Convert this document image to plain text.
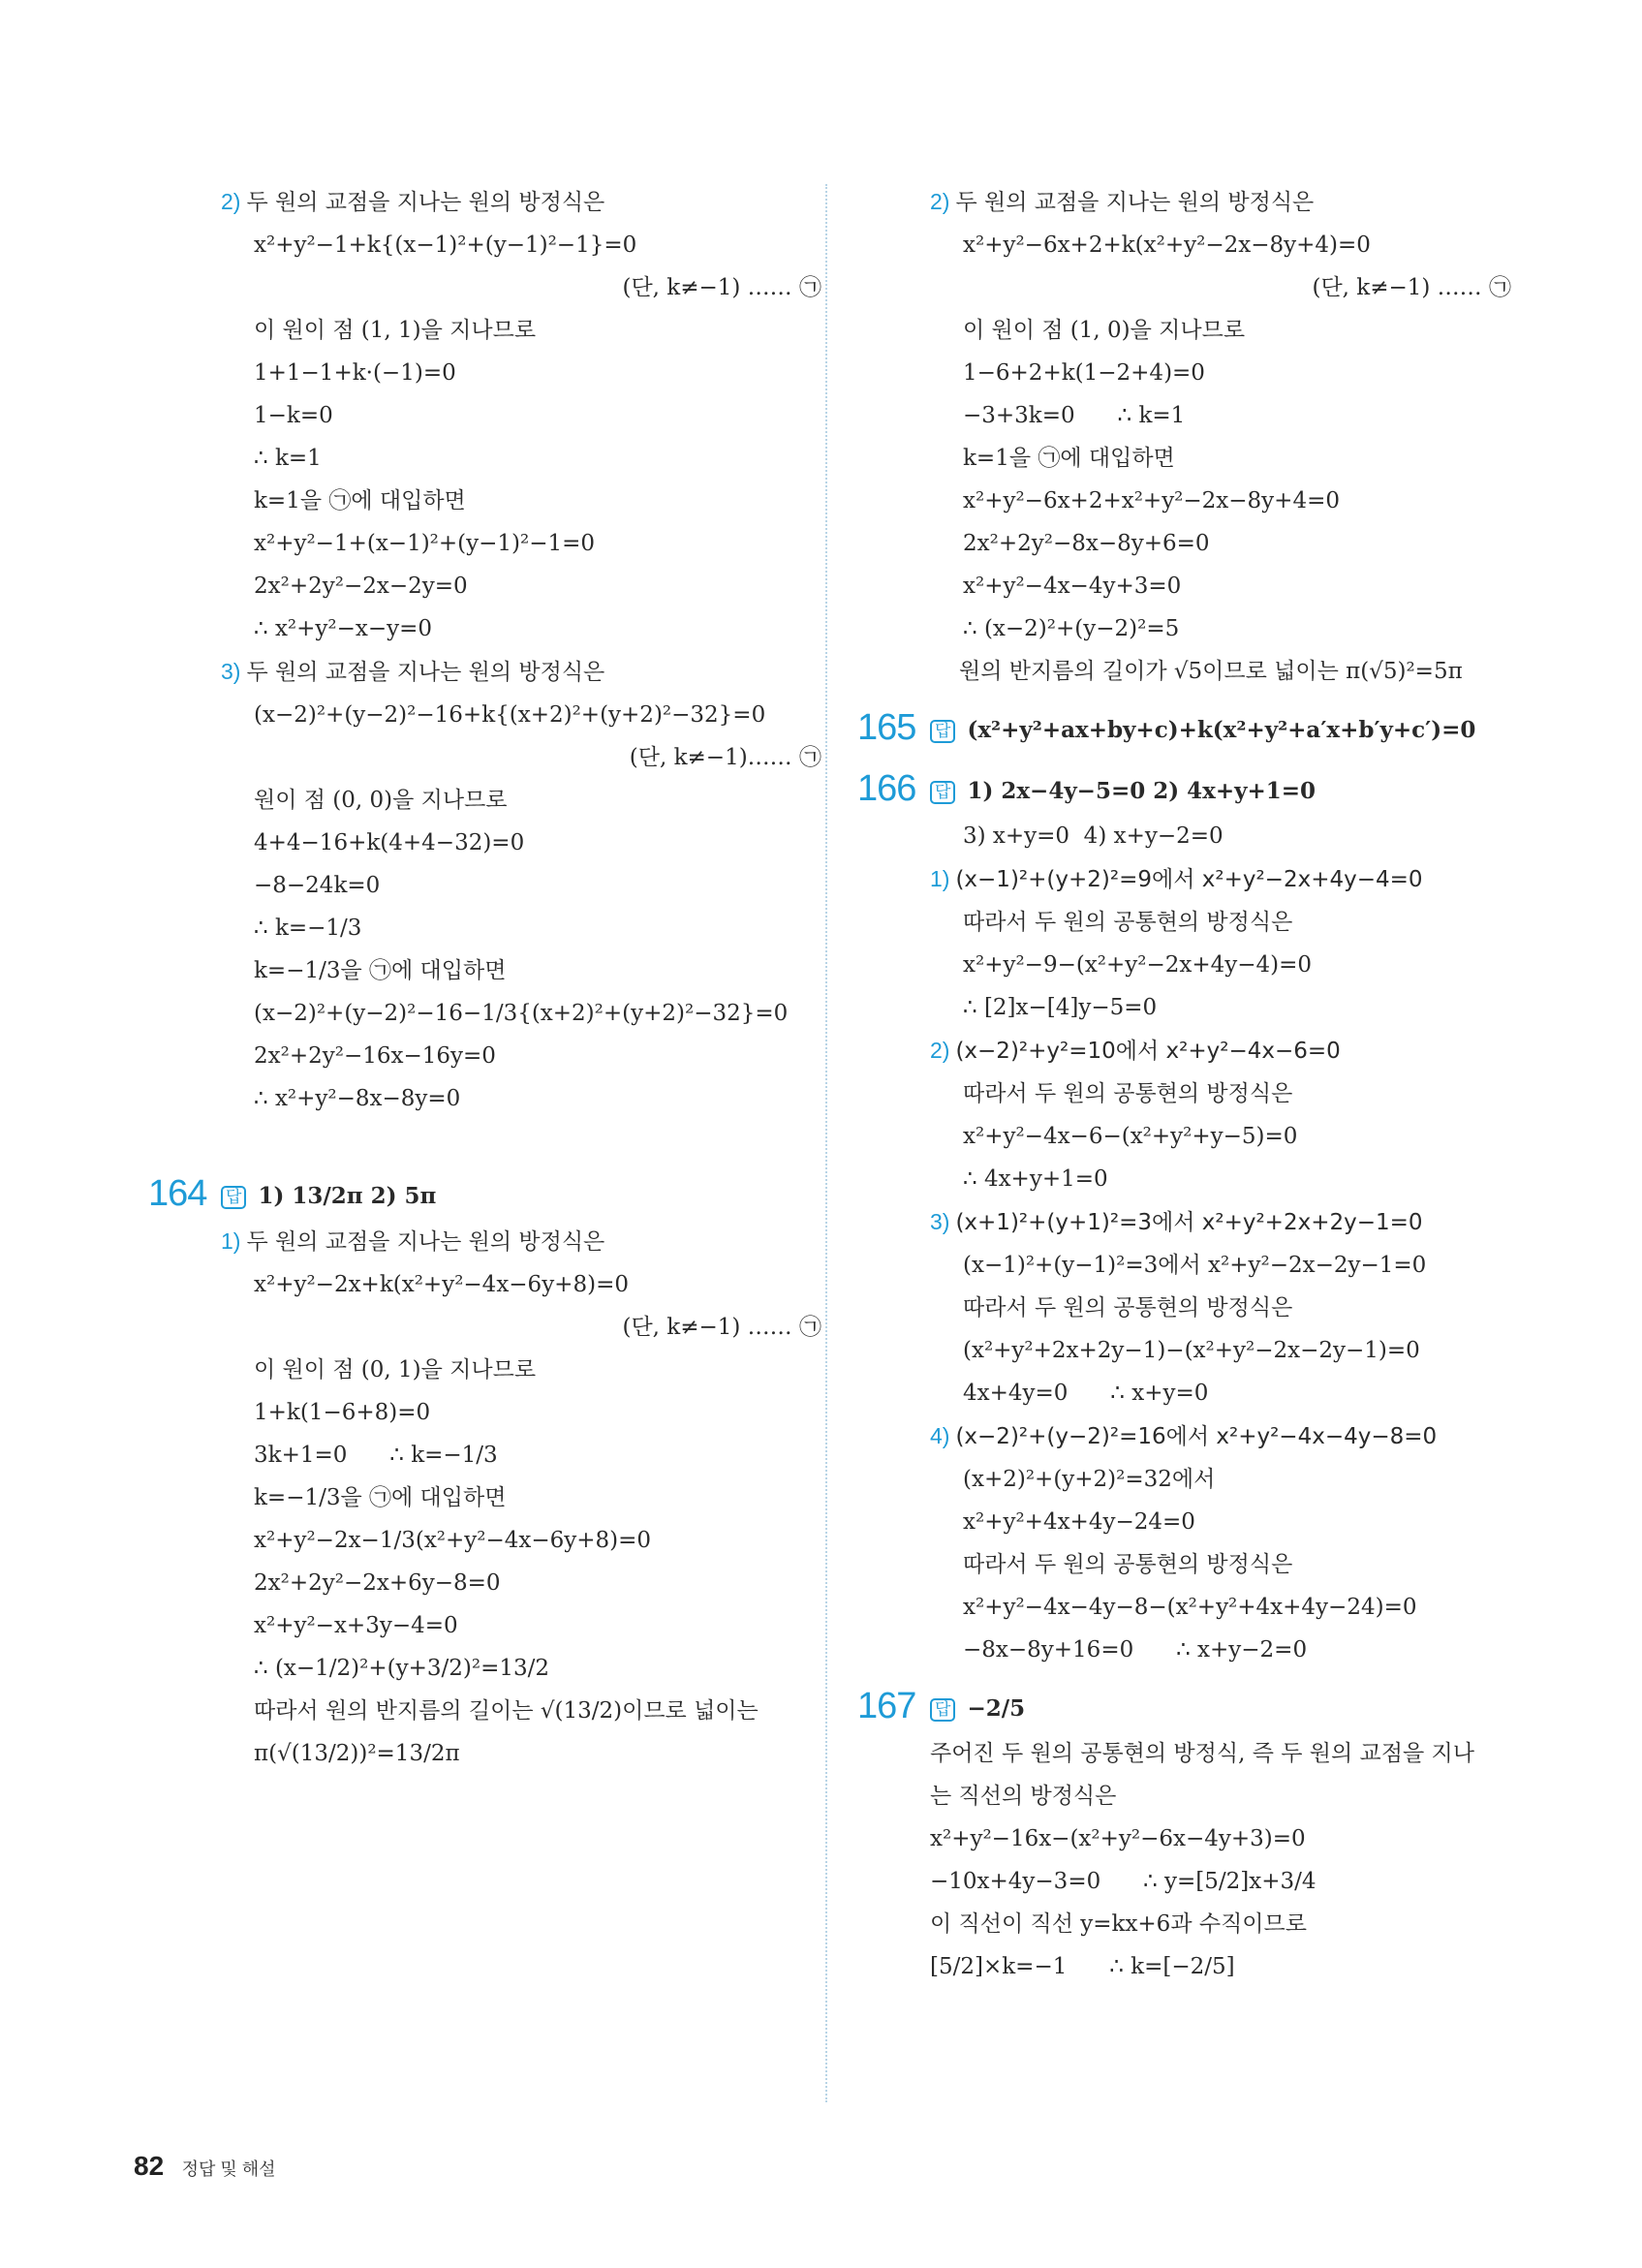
2) 두 원의 교점을 지나는 원의 방정식은
x²+y²−1+k{(x−1)²+(y−1)²−1}=0
(단, k≠−1) …… ㉠
이 원이 점 (1, 1)을 지나므로
1+1−1+k·(−1)=0
1−k=0
∴ k=1
k=1을 ㉠에 대입하면
x²+y²−1+(x−1)²+(y−1)²−1=0
2x²+2y²−2x−2y=0
∴ x²+y²−x−y=0
3) 두 원의 교점을 지나는 원의 방정식은
(x−2)²+(y−2)²−16+k{(x+2)²+(y+2)²−32}=0
(단, k≠−1)…… ㉠
원이 점 (0, 0)을 지나므로
4+4−16+k(4+4−32)=0
−8−24k=0
∴ k=−1/3
k=−1/3을 ㉠에 대입하면
(x−2)²+(y−2)²−16−1/3{(x+2)²+(y+2)²−32}=0
2x²+2y²−16x−16y=0
∴ x²+y²−8x−8y=0
164 답 1) 13/2π 2) 5π
1) 두 원의 교점을 지나는 원의 방정식은
x²+y²−2x+k(x²+y²−4x−6y+8)=0
(단, k≠−1) …… ㉠
이 원이 점 (0, 1)을 지나므로
1+k(1−6+8)=0
3k+1=0      ∴ k=−1/3
k=−1/3을 ㉠에 대입하면
x²+y²−2x−1/3(x²+y²−4x−6y+8)=0
2x²+2y²−2x+6y−8=0
x²+y²−x+3y−4=0
∴ (x−1/2)²+(y+3/2)²=13/2
따라서 원의 반지름의 길이는 √(13/2)이므로 넓이는
π(√(13/2))²=13/2π
2) 두 원의 교점을 지나는 원의 방정식은
x²+y²−6x+2+k(x²+y²−2x−8y+4)=0
(단, k≠−1) …… ㉠
이 원이 점 (1, 0)을 지나므로
1−6+2+k(1−2+4)=0
−3+3k=0      ∴ k=1
k=1을 ㉠에 대입하면
x²+y²−6x+2+x²+y²−2x−8y+4=0
2x²+2y²−8x−8y+6=0
x²+y²−4x−4y+3=0
∴ (x−2)²+(y−2)²=5
원의 반지름의 길이가 √5이므로 넓이는 π(√5)²=5π
165 답 (x²+y²+ax+by+c)+k(x²+y²+a′x+b′y+c′)=0
166 답 1) 2x−4y−5=0 2) 4x+y+1=0
3) x+y=0  4) x+y−2=0
1) (x−1)²+(y+2)²=9에서 x²+y²−2x+4y−4=0
따라서 두 원의 공통현의 방정식은
x²+y²−9−(x²+y²−2x+4y−4)=0
∴ [2]x−[4]y−5=0
2) (x−2)²+y²=10에서 x²+y²−4x−6=0
따라서 두 원의 공통현의 방정식은
x²+y²−4x−6−(x²+y²+y−5)=0
∴ 4x+y+1=0
3) (x+1)²+(y+1)²=3에서 x²+y²+2x+2y−1=0
(x−1)²+(y−1)²=3에서 x²+y²−2x−2y−1=0
따라서 두 원의 공통현의 방정식은
(x²+y²+2x+2y−1)−(x²+y²−2x−2y−1)=0
4x+4y=0      ∴ x+y=0
4) (x−2)²+(y−2)²=16에서 x²+y²−4x−4y−8=0
(x+2)²+(y+2)²=32에서
x²+y²+4x+4y−24=0
따라서 두 원의 공통현의 방정식은
x²+y²−4x−4y−8−(x²+y²+4x+4y−24)=0
−8x−8y+16=0      ∴ x+y−2=0
167 답 −2/5
주어진 두 원의 공통현의 방정식, 즉 두 원의 교점을 지나
는 직선의 방정식은
x²+y²−16x−(x²+y²−6x−4y+3)=0
−10x+4y−3=0      ∴ y=[5/2]x+3/4
이 직선이 직선 y=kx+6과 수직이므로
[5/2]×k=−1      ∴ k=[−2/5]
82 정답 및 해설
